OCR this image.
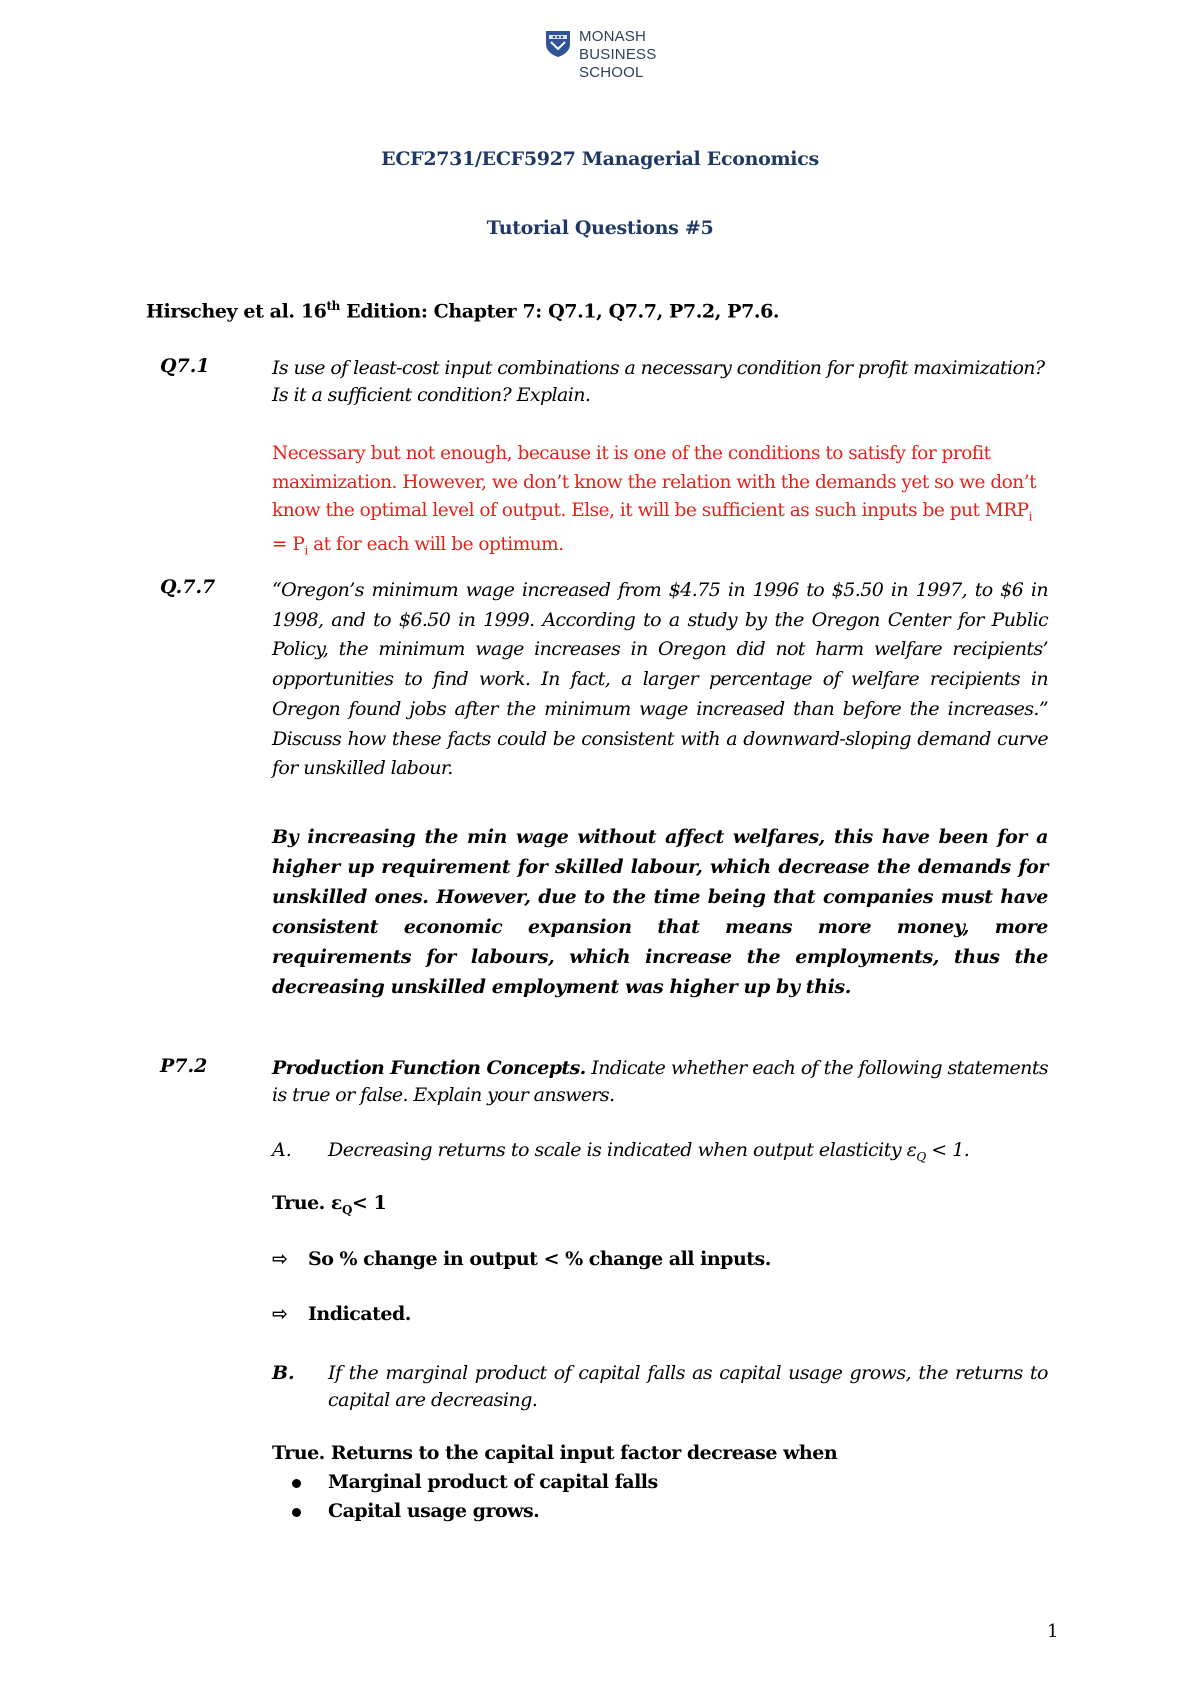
MONASH
BUSINESS
SCHOOL
ECF2731/ECF5927 Managerial Economics
Tutorial Questions #5
Hirschey et al. 16th Edition: Chapter 7: Q7.1, Q7.7, P7.2, P7.6.
Q7.1	Is use of least-cost input combinations a necessary condition for profit maximization? Is it a sufficient condition? Explain.
Necessary but not enough, because it is one of the conditions to satisfy for profit maximization. However, we don’t know the relation with the demands yet so we don’t know the optimal level of output. Else, it will be sufficient as such inputs be put $MRP_i = P_i$ at for each will be optimum.
Q.7.7	“Oregon’s minimum wage increased from $4.75 in 1996 to $5.50 in 1997, to $6 in 1998, and to $6.50 in 1999. According to a study by the Oregon Center for Public Policy, the minimum wage increases in Oregon did not harm welfare recipients’ opportunities to find work. In fact, a larger percentage of welfare recipients in Oregon found jobs after the minimum wage increased than before the increases.” Discuss how these facts could be consistent with a downward-sloping demand curve for unskilled labour.
By increasing the min wage without affect welfares, this have been for a higher up requirement for skilled labour, which decrease the demands for unskilled ones. However, due to the time being that companies must have consistent economic expansion that means more money, more requirements for labours, which increase the employments, thus the decreasing unskilled employment was higher up by this.
P7.2	Production Function Concepts. Indicate whether each of the following statements is true or false. Explain your answers.
A. Decreasing returns to scale is indicated when output elasticity $\varepsilon_Q < 1$.
True. $\varepsilon_Q< 1$
⇨ So % change in output < % change all inputs.
⇨ Indicated.
B. If the marginal product of capital falls as capital usage grows, the returns to capital are decreasing.
True. Returns to the capital input factor decrease when
Marginal product of capital falls
Capital usage grows.
1
